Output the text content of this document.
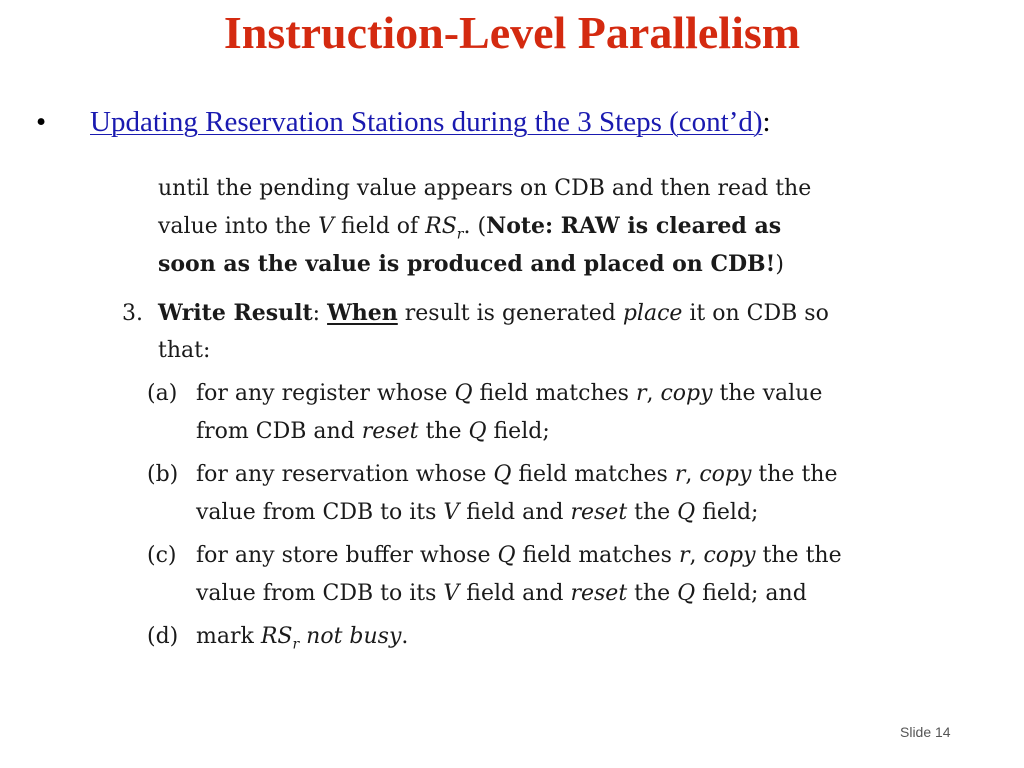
Instruction-Level Parallelism
• Updating Reservation Stations during the 3 Steps (cont’d):
until the pending value appears on CDB and then read the
value into the V field of $RS_r$. (Note: RAW is cleared as
soon as the value is produced and placed on CDB!)
3. Write Result: When result is generated place it on CDB so
that:
Slide 14
(a) for any register whose Q field matches r, copy the value
from CDB and reset the Q field;
(b) for any reservation whose Q field matches r, copy the the
value from CDB to its V field and reset the Q field;
(c) for any store buffer whose Q field matches r, copy the the
value from CDB to its V field and reset the Q field; and
(d) mark $RS_r$ not busy.
